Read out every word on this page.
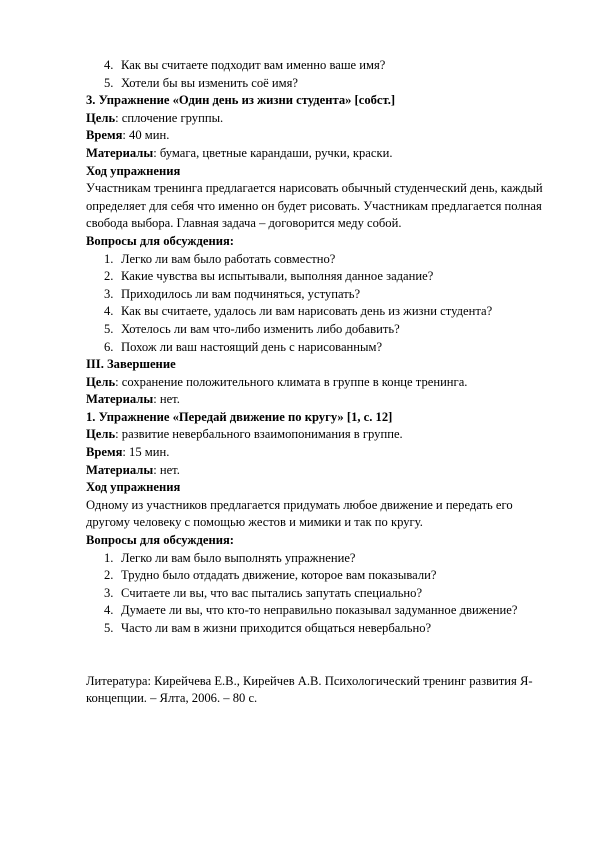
4. Как вы считаете подходит вам именно ваше имя?
5. Хотели бы вы изменить соё имя?
3. Упражнение «Один день из жизни студента» [собст.]
Цель: сплочение группы.
Время: 40 мин.
Материалы: бумага, цветные карандаши, ручки, краски.
Ход упражнения
Участникам тренинга предлагается нарисовать обычный студенческий день, каждый определяет для себя что именно он будет рисовать. Участникам предлагается полная свобода выбора. Главная задача – договорится меду собой.
Вопросы для обсуждения:
1. Легко ли вам было работать совместно?
2. Какие чувства вы испытывали, выполняя данное задание?
3. Приходилось ли вам подчиняться, уступать?
4. Как вы считаете, удалось ли вам нарисовать день из жизни студента?
5. Хотелось ли вам что-либо изменить либо добавить?
6. Похож ли ваш настоящий день с нарисованным?
III. Завершение
Цель: сохранение положительного климата в группе в конце тренинга.
Материалы: нет.
1. Упражнение «Передай движение по кругу» [1, с. 12]
Цель: развитие невербального взаимопонимания в группе.
Время: 15 мин.
Материалы: нет.
Ход упражнения
Одному из участников предлагается придумать любое движение и передать его другому человеку с помощью жестов и мимики и так по кругу.
Вопросы для обсуждения:
1. Легко ли вам было выполнять упражнение?
2. Трудно было отдадать движение, которое вам показывали?
3. Считаете ли вы, что вас пытались запутать специально?
4. Думаете ли вы, что кто-то неправильно показывал задуманное движение?
5. Часто ли вам в жизни приходится общаться невербально?
Литература: Кирейчева Е.В., Кирейчев А.В. Психологический тренинг развития Я-концепции. – Ялта, 2006. – 80 с.
